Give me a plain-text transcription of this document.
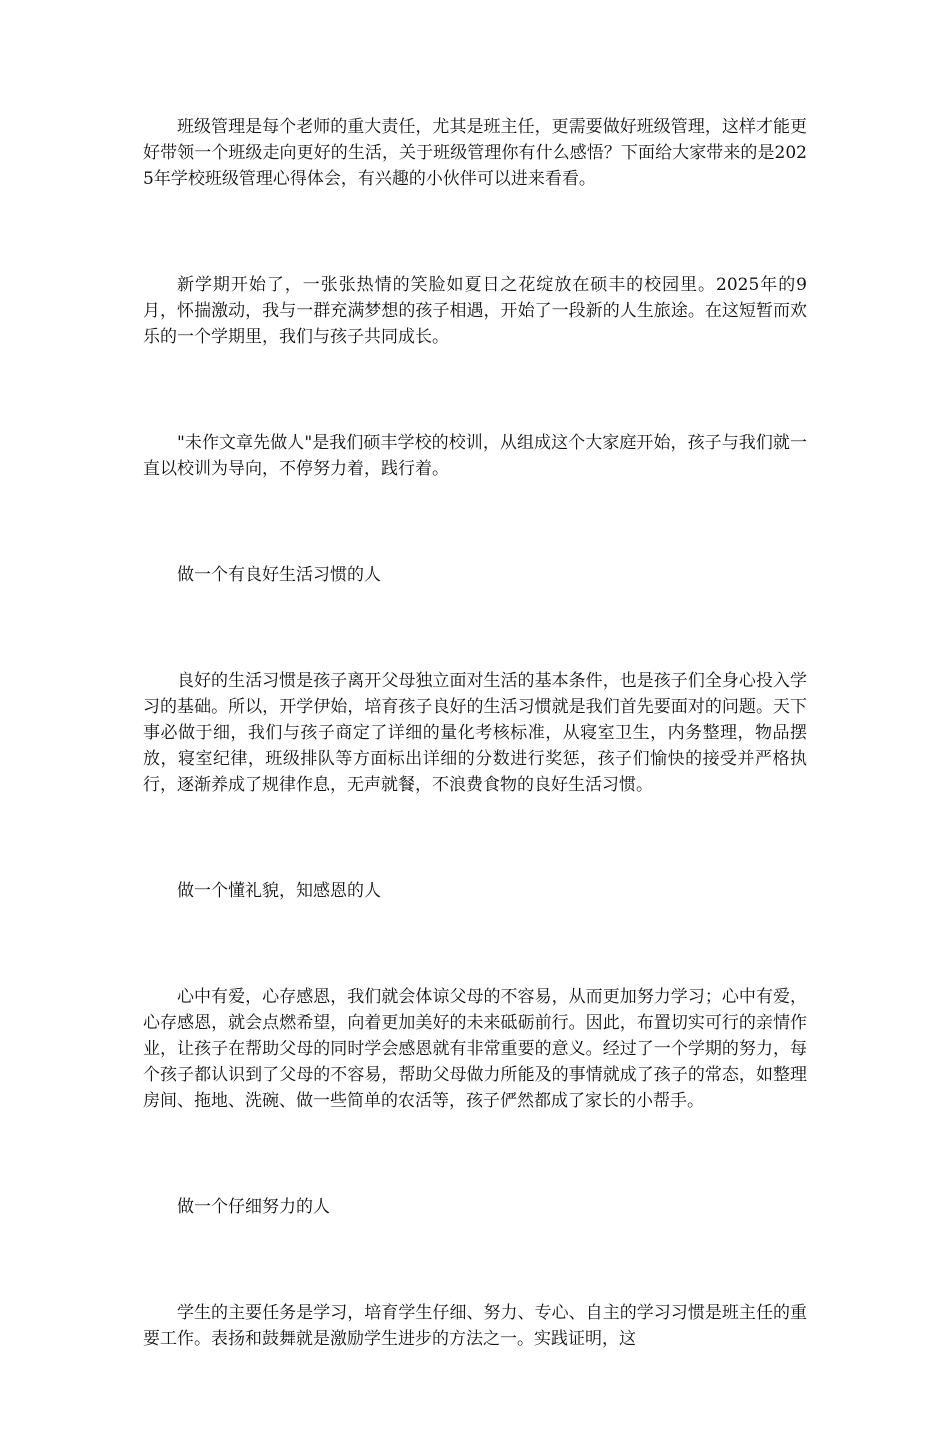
班级管理是每个老师的重大责任，尤其是班主任，更需要做好班级管理，这样才能更好带领一个班级走向更好的生活，关于班级管理你有什么感悟？下面给大家带来的是2025年学校班级管理心得体会，有兴趣的小伙伴可以进来看看。

新学期开始了，一张张热情的笑脸如夏日之花绽放在硕丰的校园里。2025年的9月，怀揣激动，我与一群充满梦想的孩子相遇，开始了一段新的人生旅途。在这短暂而欢乐的一个学期里，我们与孩子共同成长。

"未作文章先做人"是我们硕丰学校的校训，从组成这个大家庭开始，孩子与我们就一直以校训为导向，不停努力着，践行着。

做一个有良好生活习惯的人

良好的生活习惯是孩子离开父母独立面对生活的基本条件，也是孩子们全身心投入学习的基础。所以，开学伊始，培育孩子良好的生活习惯就是我们首先要面对的问题。天下事必做于细，我们与孩子商定了详细的量化考核标准，从寝室卫生，内务整理，物品摆放，寝室纪律，班级排队等方面标出详细的分数进行奖惩，孩子们愉快的接受并严格执行，逐渐养成了规律作息，无声就餐，不浪费食物的良好生活习惯。

做一个懂礼貌，知感恩的人

心中有爱，心存感恩，我们就会体谅父母的不容易，从而更加努力学习；心中有爱，心存感恩，就会点燃希望，向着更加美好的未来砥砺前行。因此，布置切实可行的亲情作业，让孩子在帮助父母的同时学会感恩就有非常重要的意义。经过了一个学期的努力，每个孩子都认识到了父母的不容易，帮助父母做力所能及的事情就成了孩子的常态，如整理房间、拖地、洗碗、做一些简单的农活等，孩子俨然都成了家长的小帮手。

做一个仔细努力的人

学生的主要任务是学习，培育学生仔细、努力、专心、自主的学习习惯是班主任的重要工作。表扬和鼓舞就是激励学生进步的方法之一。实践证明，这
